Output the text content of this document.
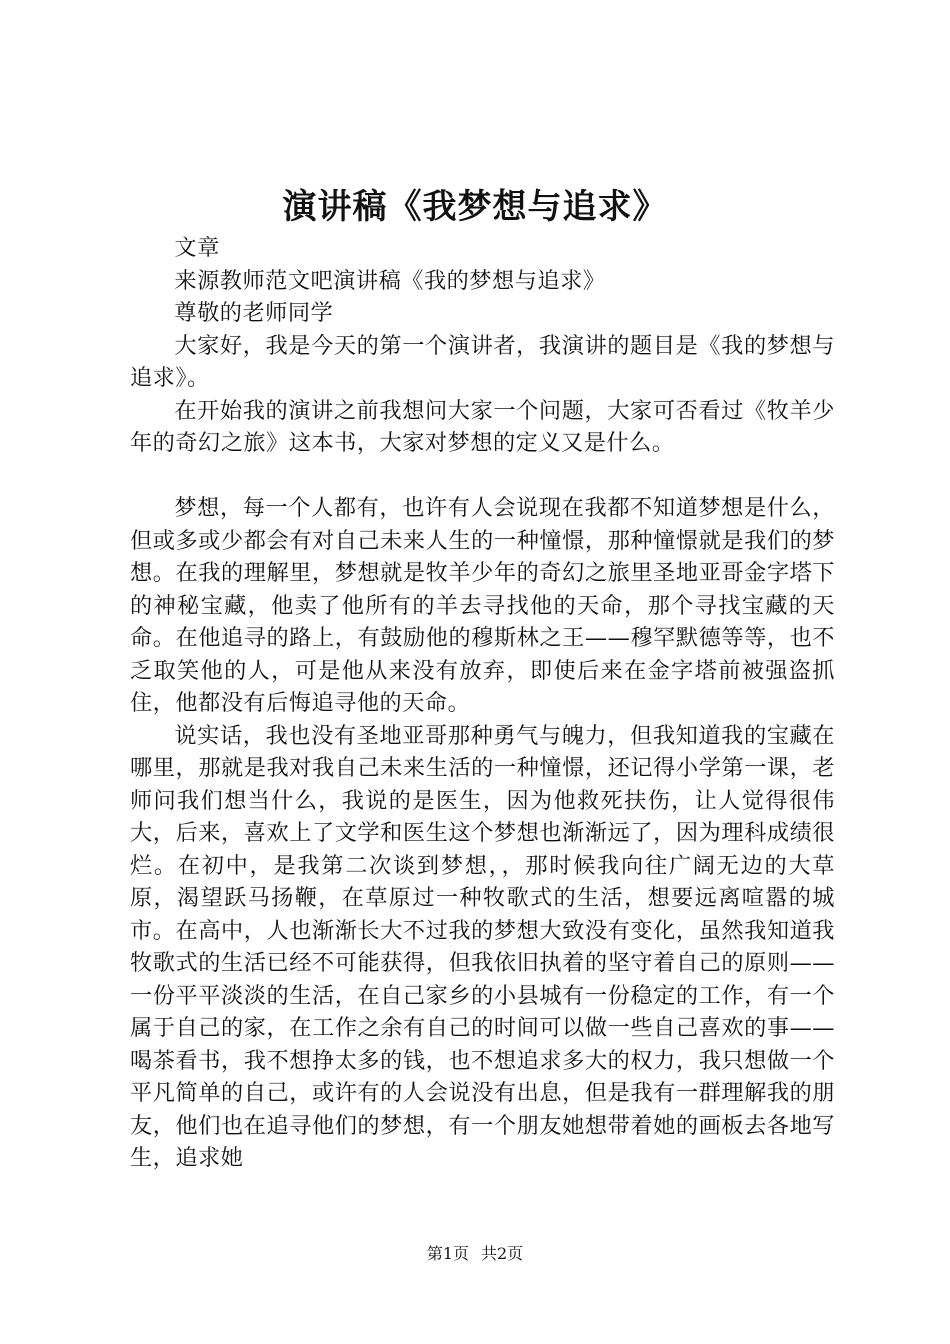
演讲稿《我梦想与追求》

文章

来源教师范文吧演讲稿《我的梦想与追求》

尊敬的老师同学

大家好，我是今天的第一个演讲者，我演讲的题目是《我的梦想与追求》。

在开始我的演讲之前我想问大家一个问题，大家可否看过《牧羊少年的奇幻之旅》这本书，大家对梦想的定义又是什么。

梦想，每一个人都有，也许有人会说现在我都不知道梦想是什么，但或多或少都会有对自己未来人生的一种憧憬，那种憧憬就是我们的梦想。在我的理解里，梦想就是牧羊少年的奇幻之旅里圣地亚哥金字塔下的神秘宝藏，他卖了他所有的羊去寻找他的天命，那个寻找宝藏的天命。在他追寻的路上，有鼓励他的穆斯林之王——穆罕默德等等，也不乏取笑他的人，可是他从来没有放弃，即使后来在金字塔前被强盗抓住，他都没有后悔追寻他的天命。

说实话，我也没有圣地亚哥那种勇气与魄力，但我知道我的宝藏在哪里，那就是我对我自己未来生活的一种憧憬，还记得小学第一课，老师问我们想当什么，我说的是医生，因为他救死扶伤，让人觉得很伟大，后来，喜欢上了文学和医生这个梦想也渐渐远了，因为理科成绩很烂。在初中，是我第二次谈到梦想，，那时候我向往广阔无边的大草原，渴望跃马扬鞭，在草原过一种牧歌式的生活，想要远离喧嚣的城市。在高中，人也渐渐长大不过我的梦想大致没有变化，虽然我知道我牧歌式的生活已经不可能获得，但我依旧执着的坚守着自己的原则——一份平平淡淡的生活，在自己家乡的小县城有一份稳定的工作，有一个属于自己的家，在工作之余有自己的时间可以做一些自己喜欢的事——喝茶看书，我不想挣太多的钱，也不想追求多大的权力，我只想做一个平凡简单的自己，或许有的人会说没有出息，但是我有一群理解我的朋友，他们也在追寻他们的梦想，有一个朋友她想带着她的画板去各地写生，追求她

第1页 共2页
